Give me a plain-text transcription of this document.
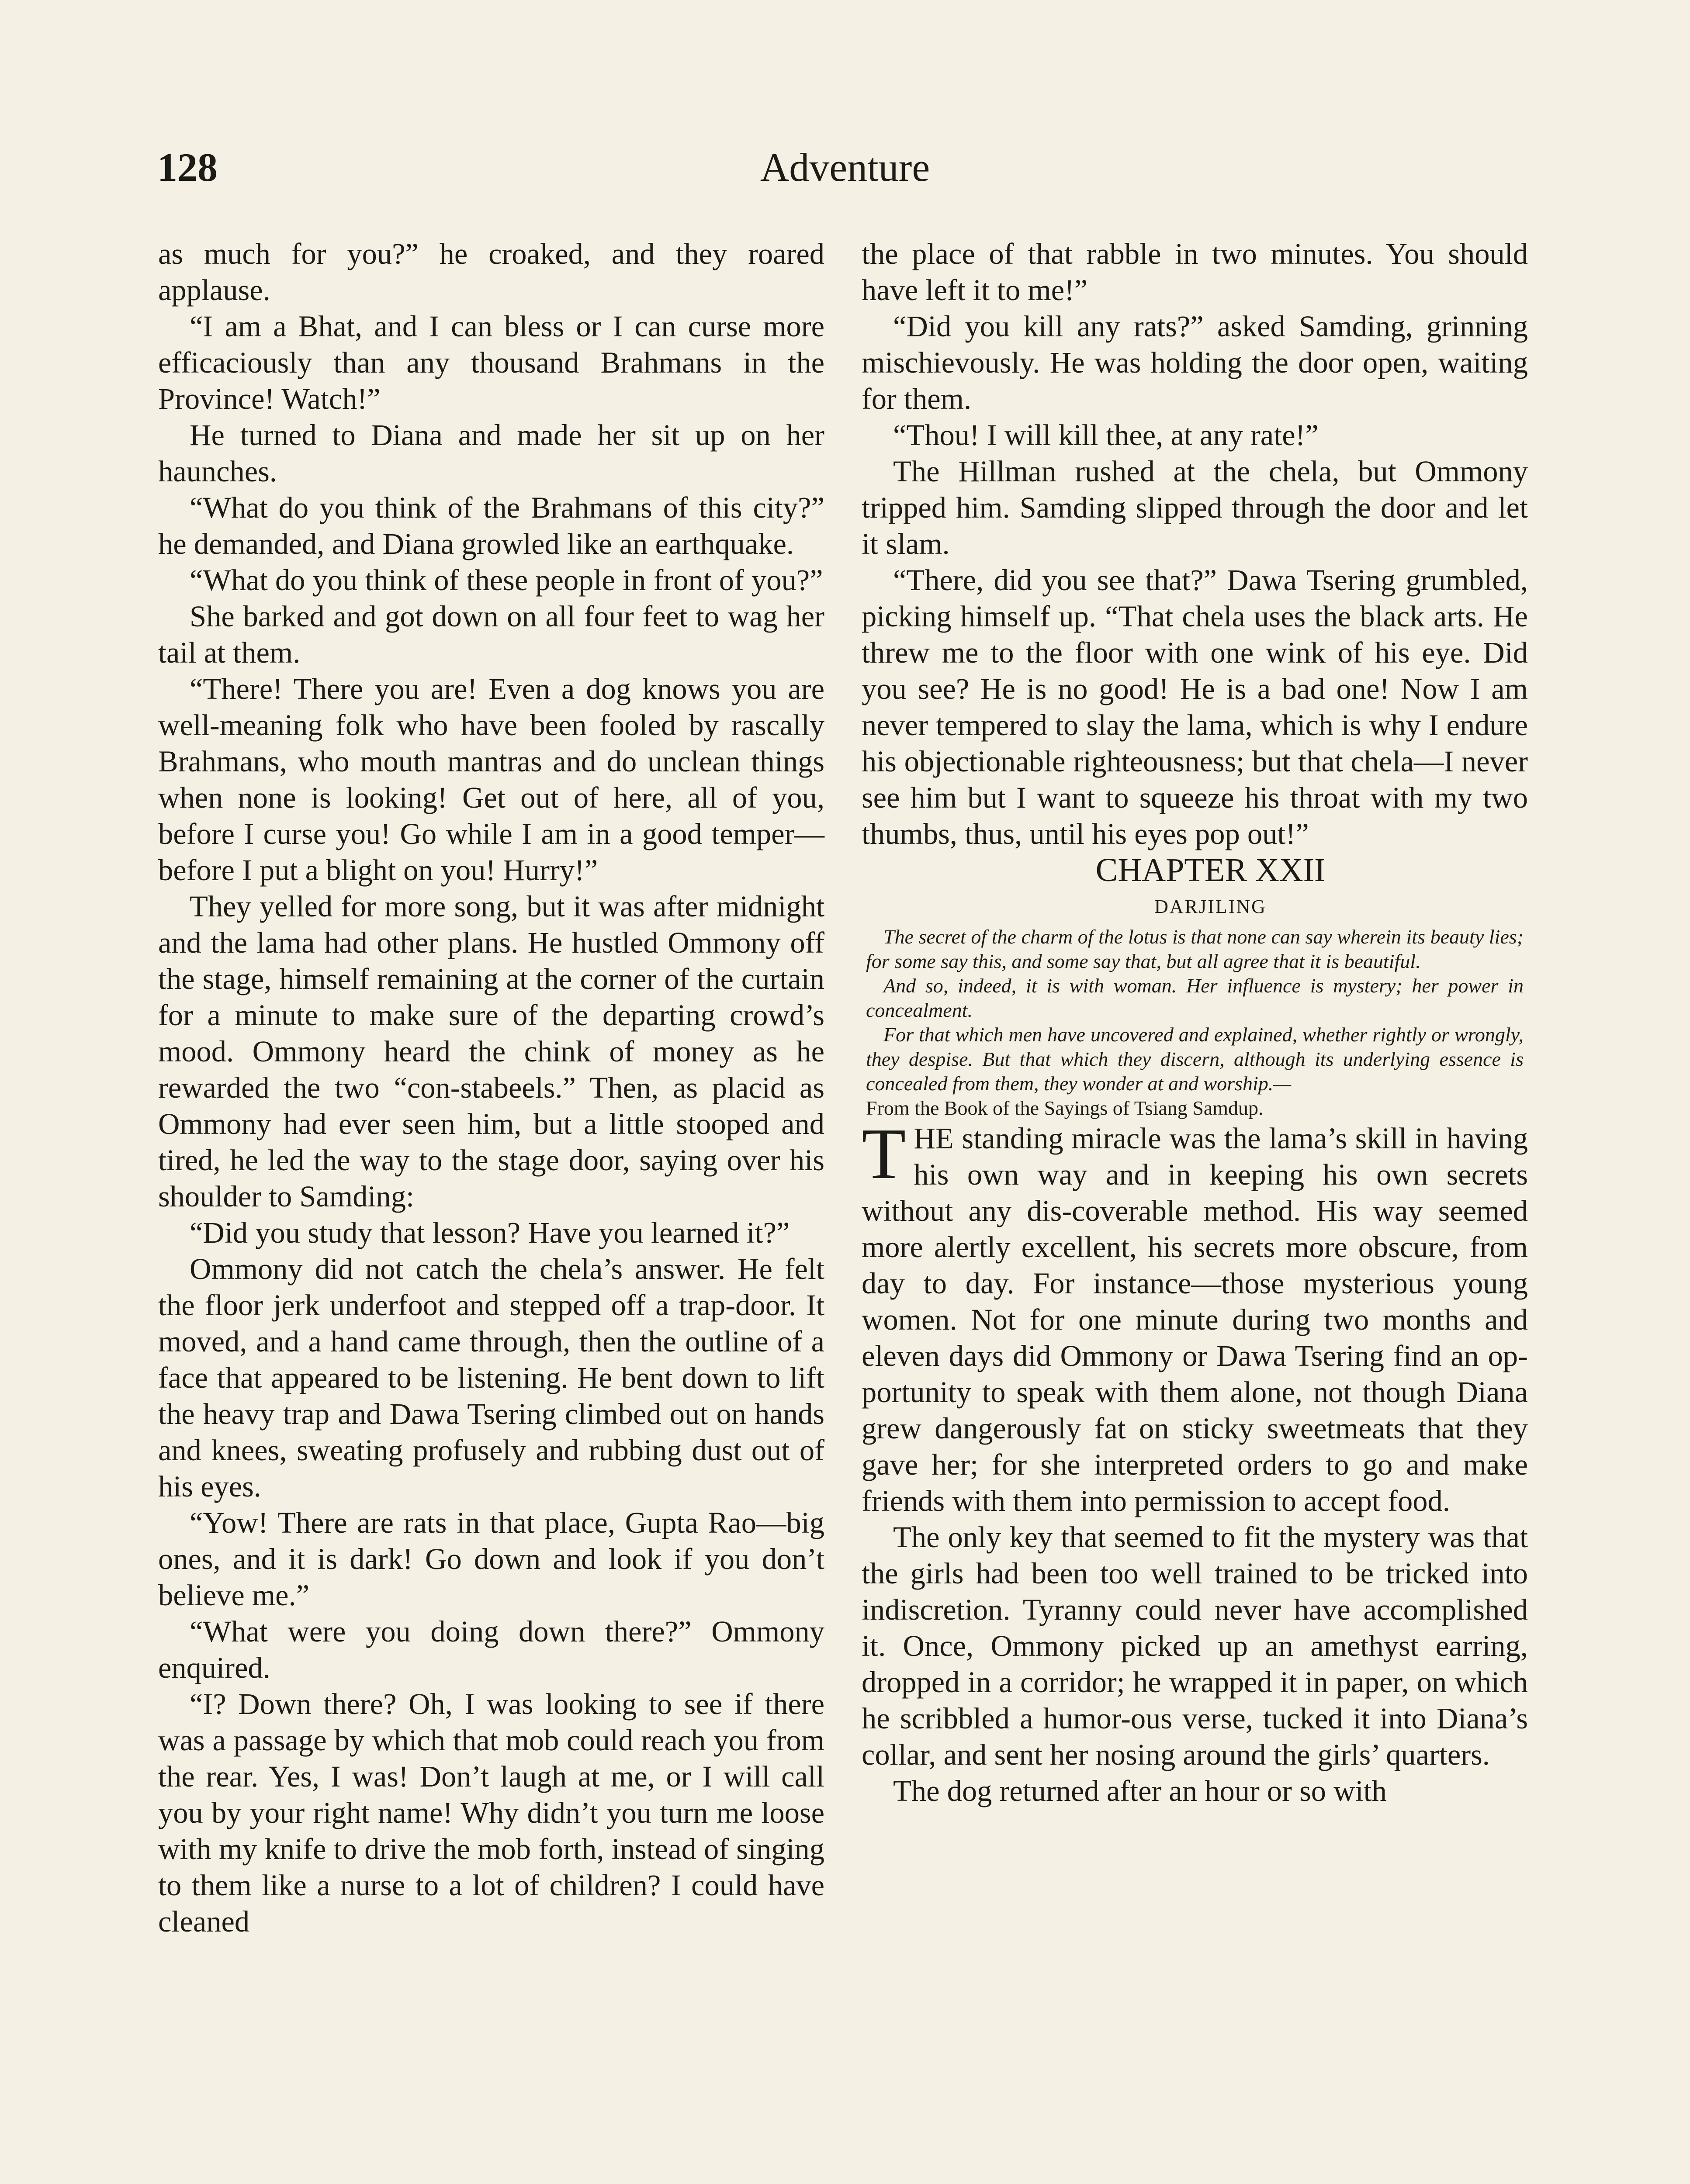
128	Adventure

as much for you?” he croaked, and they roared applause.

“I am a Bhat, and I can bless or I can curse more efficaciously than any thousand Brahmans in the Province! Watch!”

He turned to Diana and made her sit up on her haunches.

“What do you think of the Brahmans of this city?” he demanded, and Diana growled like an earthquake.

“What do you think of these people in front of you?”

She barked and got down on all four feet to wag her tail at them.

“There! There you are! Even a dog knows you are well-meaning folk who have been fooled by rascally Brahmans, who mouth mantras and do unclean things when none is looking! Get out of here, all of you, before I curse you! Go while I am in a good temper—before I put a blight on you! Hurry!”

They yelled for more song, but it was after midnight and the lama had other plans. He hustled Ommony off the stage, himself remaining at the corner of the curtain for a minute to make sure of the departing crowd’s mood. Ommony heard the chink of money as he rewarded the two “con-stabeels.” Then, as placid as Ommony had ever seen him, but a little stooped and tired, he led the way to the stage door, saying over his shoulder to Samding:

“Did you study that lesson? Have you learned it?”

Ommony did not catch the chela’s answer. He felt the floor jerk underfoot and stepped off a trap-door. It moved, and a hand came through, then the outline of a face that appeared to be listening. He bent down to lift the heavy trap and Dawa Tsering climbed out on hands and knees, sweating profusely and rubbing dust out of his eyes.

“Yow! There are rats in that place, Gupta Rao—big ones, and it is dark! Go down and look if you don’t believe me.”

“What were you doing down there?” Ommony enquired.

“I? Down there? Oh, I was looking to see if there was a passage by which that mob could reach you from the rear. Yes, I was! Don’t laugh at me, or I will call you by your right name! Why didn’t you turn me loose with my knife to drive the mob forth, instead of singing to them like a nurse to a lot of children? I could have cleaned

the place of that rabble in two minutes. You should have left it to me!”

“Did you kill any rats?” asked Samding, grinning mischievously. He was holding the door open, waiting for them.

“Thou! I will kill thee, at any rate!”

The Hillman rushed at the chela, but Ommony tripped him. Samding slipped through the door and let it slam.

“There, did you see that?” Dawa Tsering grumbled, picking himself up. “That chela uses the black arts. He threw me to the floor with one wink of his eye. Did you see? He is no good! He is a bad one! Now I am never tempered to slay the lama, which is why I endure his objectionable righteousness; but that chela—I never see him but I want to squeeze his throat with my two thumbs, thus, until his eyes pop out!”

CHAPTER XXII

DARJILING

The secret of the charm of the lotus is that none can say wherein its beauty lies; for some say this, and some say that, but all agree that it is beautiful.

And so, indeed, it is with woman. Her influence is mystery; her power in concealment.

For that which men have uncovered and explained, whether rightly or wrongly, they despise. But that which they discern, although its underlying essence is concealed from them, they wonder at and worship.—

From the Book of the Sayings of Tsiang Samdup.

THE standing miracle was the lama’s skill in having his own way and in keeping his own secrets without any dis-coverable method. His way seemed more alertly excellent, his secrets more obscure, from day to day. For instance—those mysterious young women. Not for one minute during two months and eleven days did Ommony or Dawa Tsering find an op-portunity to speak with them alone, not though Diana grew dangerously fat on sticky sweetmeats that they gave her; for she interpreted orders to go and make friends with them into permission to accept food.

The only key that seemed to fit the mystery was that the girls had been too well trained to be tricked into indiscretion. Tyranny could never have accomplished it. Once, Ommony picked up an amethyst earring, dropped in a corridor; he wrapped it in paper, on which he scribbled a humor-ous verse, tucked it into Diana’s collar, and sent her nosing around the girls’ quarters.

The dog returned after an hour or so with
